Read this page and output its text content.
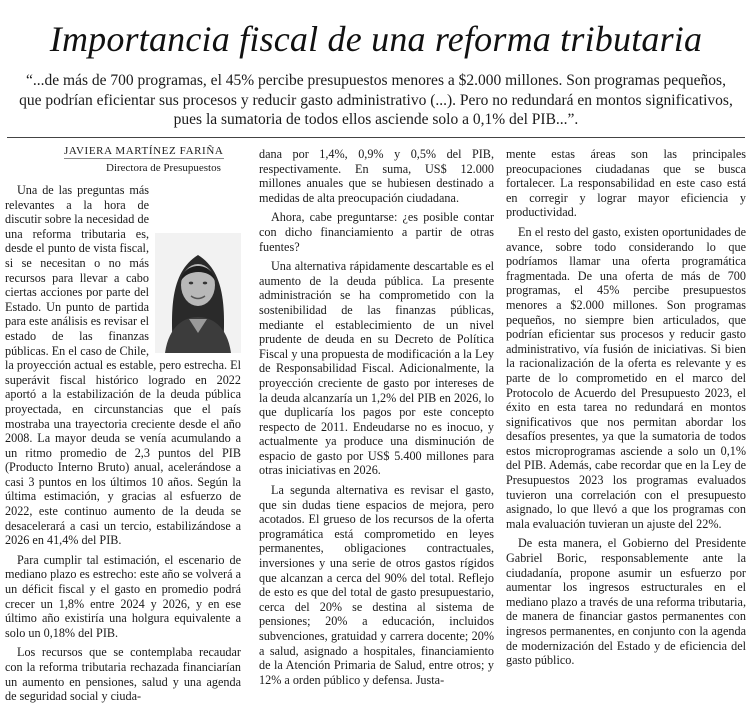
Importancia fiscal de una reforma tributaria
“...de más de 700 programas, el 45% percibe presupuestos menores a $2.000 millones. Son programas pequeños, que podrían eficientar sus procesos y reducir gasto administrativo (...). Pero no redundará en montos significativos, pues la sumatoria de todos ellos asciende solo a 0,1% del PIB...”.
JAVIERA MARTÍNEZ FARIÑA
Directora de Presupuestos

Una de las preguntas más relevantes a la hora de discutir sobre la necesidad de una reforma tributaria es, desde el punto de vista fiscal, si se necesitan o no más recursos para llevar a cabo ciertas acciones por parte del Estado. Un punto de partida para este análisis es revisar el estado de las finanzas públicas. En el caso de Chile, la proyección actual es estable, pero estrecha. El superávit fiscal histórico logrado en 2022 aportó a la estabilización de la deuda pública proyectada, en circunstancias que el país mostraba una trayectoria creciente desde el año 2008. La mayor deuda se venía acumulando a un ritmo promedio de 2,3 puntos del PIB (Producto Interno Bruto) anual, acelerándose a casi 3 puntos en los últimos 10 años. Según la última estimación, y gracias al esfuerzo de 2022, este continuo aumento de la deuda se desacelerará a casi un tercio, estabilizándose a 2026 en 41,4% del PIB.

Para cumplir tal estimación, el escenario de mediano plazo es estrecho: este año se volverá a un déficit fiscal y el gasto en promedio podrá crecer un 1,8% entre 2024 y 2026, y en ese último año existiría una holgura equivalente a solo un 0,18% del PIB.

Los recursos que se contemplaba recaudar con la reforma tributaria rechazada financiarían un aumento en pensiones, salud y una agenda de seguridad social y ciuda-

dana por 1,4%, 0,9% y 0,5% del PIB, respectivamente. En suma, US$ 12.000 millones anuales que se hubiesen destinado a medidas de alta preocupación ciudadana.

Ahora, cabe preguntarse: ¿es posible contar con dicho financiamiento a partir de otras fuentes?

Una alternativa rápidamente descartable es el aumento de la deuda pública. La presente administración se ha comprometido con la sostenibilidad de las finanzas públicas, mediante el establecimiento de un nivel prudente de deuda en su Decreto de Política Fiscal y una propuesta de modificación a la Ley de Responsabilidad Fiscal. Adicionalmente, la proyección creciente de gasto por intereses de la deuda alcanzaría un 1,2% del PIB en 2026, lo que duplicaría los pagos por este concepto respecto de 2011. Endeudarse no es inocuo, y actualmente ya produce una disminución de espacio de gasto por US$ 5.400 millones para otras iniciativas en 2026.

La segunda alternativa es revisar el gasto, que sin dudas tiene espacios de mejora, pero acotados. El grueso de los recursos de la oferta programática está comprometido en leyes permanentes, obligaciones contractuales, inversiones y una serie de otros gastos rígidos que alcanzan a cerca del 90% del total. Reflejo de esto es que del total de gasto presupuestario, cerca del 20% se destina al sistema de pensiones; 20% a educación, incluidos subvenciones, gratuidad y carrera docente; 20% a salud, asignado a hospitales, financiamiento de la Atención Primaria de Salud, entre otros; y 12% a orden público y defensa. Justa-

mente estas áreas son las principales preocupaciones ciudadanas que se busca fortalecer. La responsabilidad en este caso está en corregir y lograr mayor eficiencia y productividad.

En el resto del gasto, existen oportunidades de avance, sobre todo considerando lo que podríamos llamar una oferta programática fragmentada. De una oferta de más de 700 programas, el 45% percibe presupuestos menores a $2.000 millones. Son programas pequeños, no siempre bien articulados, que podrían eficientar sus procesos y reducir gasto administrativo, vía fusión de iniciativas. Si bien la racionalización de la oferta es relevante y es parte de lo comprometido en el marco del Protocolo de Acuerdo del Presupuesto 2023, el éxito en esta tarea no redundará en montos significativos que nos permitan abordar los desafíos presentes, ya que la sumatoria de todos estos microprogramas asciende a solo un 0,1% del PIB. Además, cabe recordar que en la Ley de Presupuestos 2023 los programas evaluados tuvieron una correlación con el presupuesto asignado, lo que llevó a que los programas con mala evaluación tuvieran un ajuste del 22%.

De esta manera, el Gobierno del Presidente Gabriel Boric, responsablemente ante la ciudadanía, propone asumir un esfuerzo por aumentar los ingresos estructurales en el mediano plazo a través de una reforma tributaria, de manera de financiar gastos permanentes con ingresos permanentes, en conjunto con la agenda de modernización del Estado y de eficiencia del gasto público.
